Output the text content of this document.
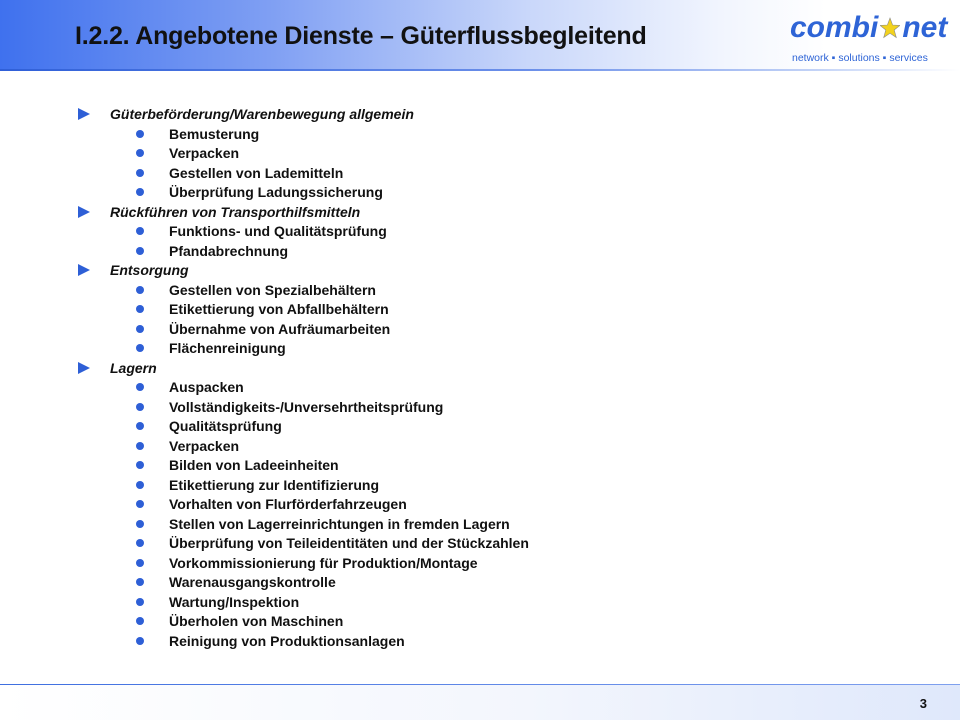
I.2.2. Angebotene Dienste – Güterflussbegleitend	combi net
network ▪ solutions ▪ services
Güterbeförderung/Warenbewegung allgemein
Bemusterung
Verpacken
Gestellen von Lademitteln
Überprüfung Ladungssicherung
Rückführen von Transporthilfsmitteln
Funktions- und Qualitätsprüfung
Pfandabrechnung
Entsorgung
Gestellen von Spezialbehältern
Etikettierung von Abfallbehältern
Übernahme von Aufräumarbeiten
Flächenreinigung
Lagern
Auspacken
Vollständigkeits-/Unversehrtheitsprüfung
Qualitätsprüfung
Verpacken
Bilden von Ladeeinheiten
Etikettierung zur Identifizierung
Vorhalten von Flurförderfahrzeugen
Stellen von Lagerreinrichtungen in fremden Lagern
Überprüfung von Teileidentitäten und der Stückzahlen
Vorkommissionierung für Produktion/Montage
Warenausgangskontrolle
Wartung/Inspektion
Überholen von Maschinen
Reinigung von Produktionsanlagen
3
